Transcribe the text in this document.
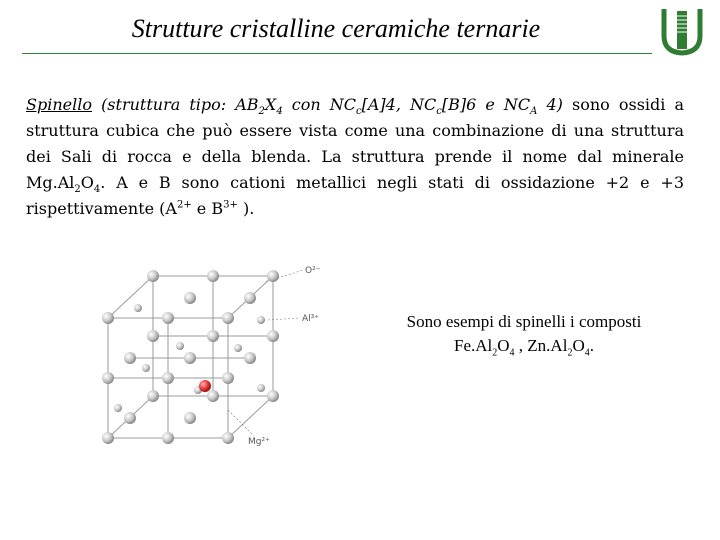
Strutture cristalline ceramiche ternarie
Spinello (struttura tipo: $AB_2X_4$ con $NC_c[A]4$, $NC_c[B]6$ e $NC_A$ 4) sono ossidi a struttura cubica che può essere vista come una combinazione di una struttura dei Sali di rocca e della blenda. La struttura prende il nome dal minerale $Mg.Al_2O_4$. A e B sono cationi metallici negli stati di ossidazione +2 e +3 rispettivamente ($A^{2+}$ e $B^{3+}$ ).
O²⁻
Al³⁺
Mg²⁺
Sono esempi di spinelli i composti
$Fe.Al_2O_4$ , $Zn.Al_2O_4$.
